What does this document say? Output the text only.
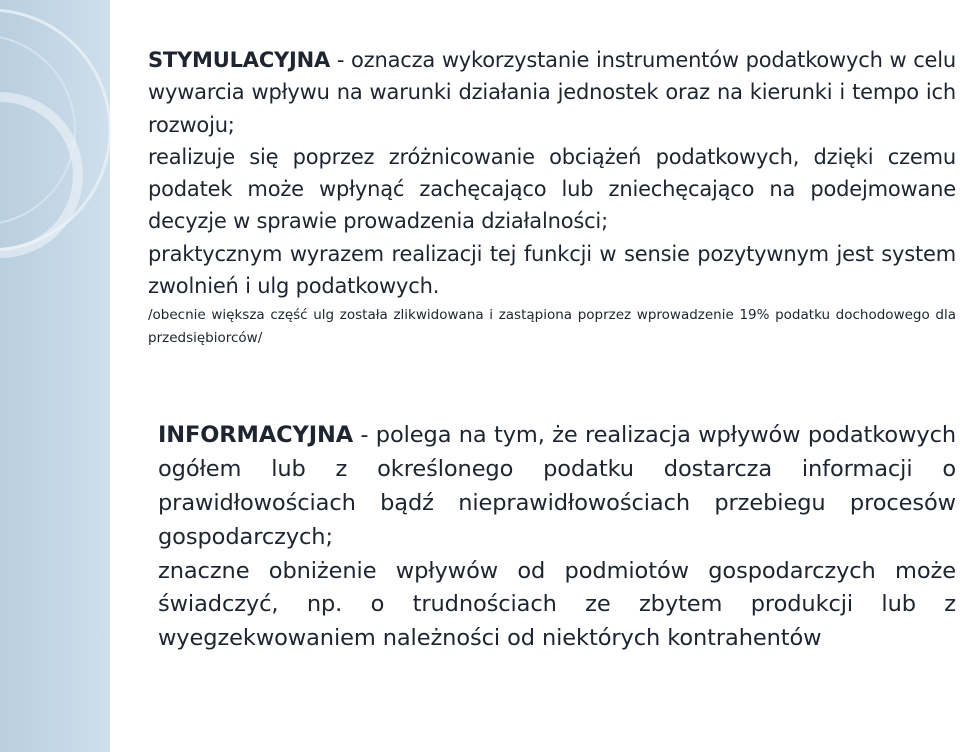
STYMULACYJNA - oznacza wykorzystanie instrumentów podatkowych w celu wywarcia wpływu na warunki działania jednostek oraz na kierunki i tempo ich rozwoju;

realizuje się poprzez zróżnicowanie obciążeń podatkowych, dzięki czemu podatek może wpłynąć zachęcająco lub zniechęcająco na podejmowane decyzje w sprawie prowadzenia działalności;

praktycznym wyrazem realizacji tej funkcji w sensie pozytywnym jest system zwolnień i ulg podatkowych.

/obecnie większa część ulg została zlikwidowana i zastąpiona poprzez wprowadzenie 19% podatku dochodowego dla przedsiębiorców/

INFORMACYJNA - polega na tym, że realizacja wpływów podatkowych ogółem lub z określonego podatku dostarcza informacji o prawidłowościach bądź nieprawidłowościach przebiegu procesów gospodarczych;

znaczne obniżenie wpływów od podmiotów gospodarczych może świadczyć, np. o trudnościach ze zbytem produkcji lub z wyegzekwowaniem należności od niektórych kontrahentów
